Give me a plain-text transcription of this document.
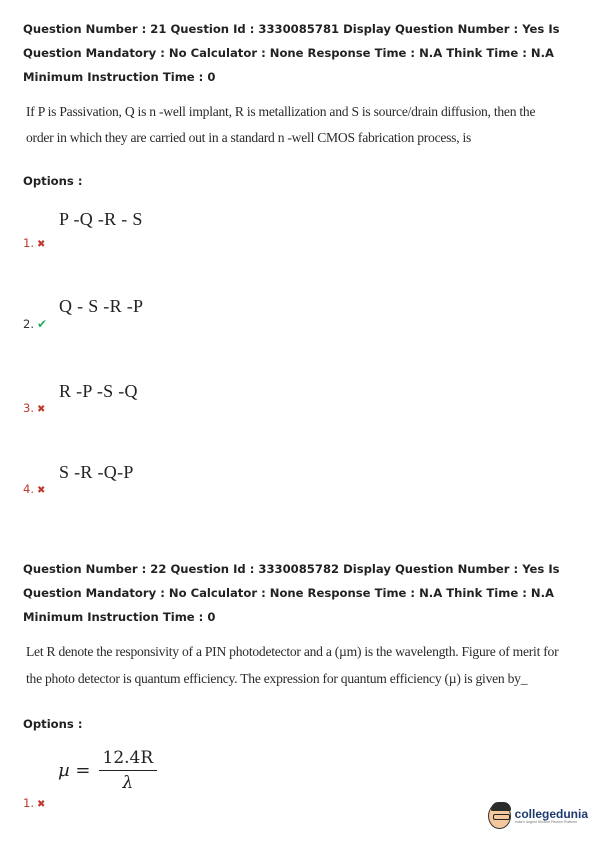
Question Number : 21 Question Id : 3330085781 Display Question Number : Yes Is Question Mandatory : No Calculator : None Response Time : N.A Think Time : N.A Minimum Instruction Time : 0
If P is Passivation, Q is n -well implant, R is metallization and S is source/drain diffusion, then the
order in which they are carried out in a standard n -well CMOS fabrication process, is
Options :
P -Q -R - S
1. ✖
Q - S -R -P
2. ✔
R -P -S -Q
3. ✖
S -R -Q-P
4. ✖
Question Number : 22 Question Id : 3330085782 Display Question Number : Yes Is Question Mandatory : No Calculator : None Response Time : N.A Think Time : N.A Minimum Instruction Time : 0
Let R denote the responsivity of a PIN photodetector and a (µm) is the wavelength. Figure of merit for
the photo detector is quantum efficiency. The expression for quantum efficiency (µ) is given by_
Options :
$\mu = \frac{12.4R}{\lambda}$
1. ✖
collegedunia
India's largest Student Review Platform
